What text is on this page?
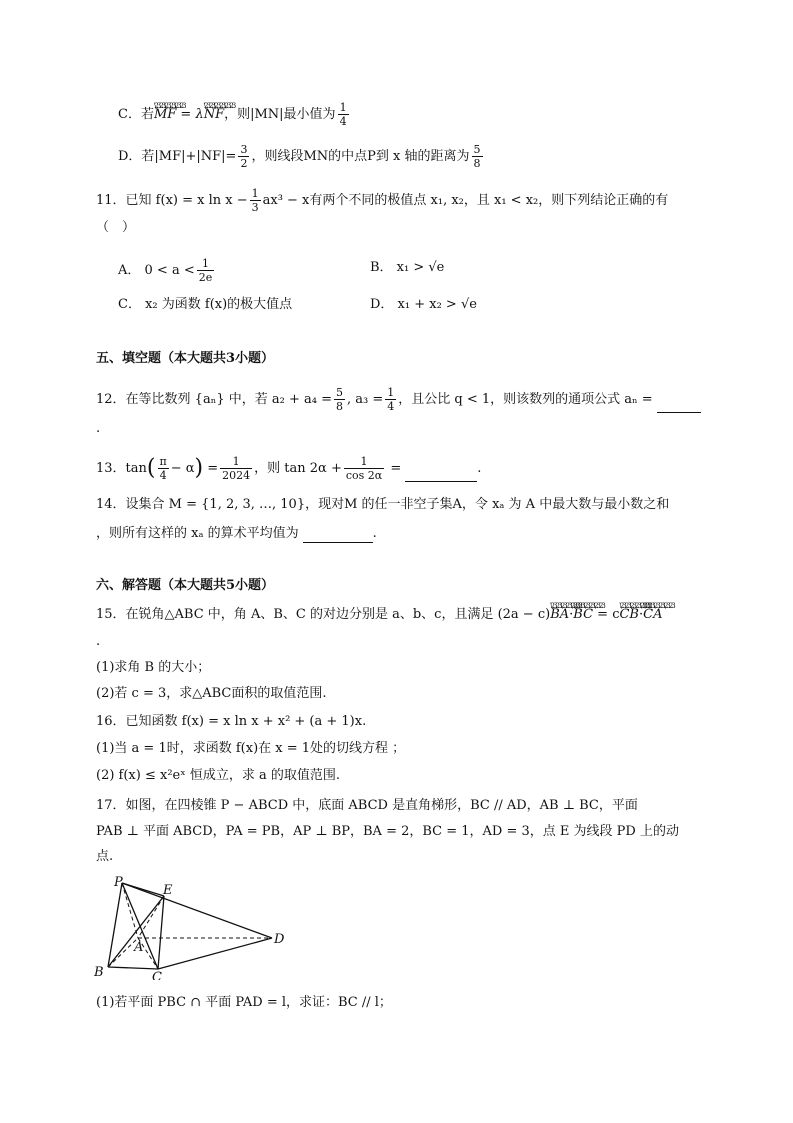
C．若⌣⌣⌣ MF = λ⌣⌣⌣ NF，则|MN|最小值为 $\frac{1}{4}$
D．若$|MF|+|NF|= \frac{3}{2}$ ，则线段MN的中点P到 x 轴的距离为 $\frac{5}{8}$
11．已知 f(x) = x $\ln x - \frac{1}{3} ax^3 - x$有两个不同的极值点 x₁, x₂，且 x₁ < x₂，则下列结论正确的有
（　）
A． $0 < a < \frac{1}{2e}$	B． x₁ > √e
C． x₂ 为函数 f(x)的极大值点	D． x₁ + x₂ > √e
五、填空题（本大题共3小题）
12．在等比数列 {aₙ} 中，若 $a_2 + a_4 = \frac{5}{8}$ , $a_3 = \frac{1}{4}$ ，且公比 q < 1，则该数列的通项公式 aₙ =
.
13．$\tan( \frac{\pi}{4} - \alpha) = \frac{1}{2024}$ ，则 $\tan 2\alpha + \frac{1}{\cos 2\alpha}$ =	.
14．设集合 M = {1, 2, 3, …, 10}，现对M 的任一非空子集A，令 xₐ 为 A 中最大数与最小数之和
，则所有这样的 xₐ 的算术平均值为	.
六、解答题（本大题共5小题）
15．在锐角△ABC 中，角 A、B、C 的对边分别是 a、b、c，且满足 (2a − c)⌣⌣⌣ BA·⌣⌣⌣ BC = c⌣⌣⌣ CB·⌣⌣⌣ CA
.
(1)求角 B 的大小；
(2)若 c = 3，求△ABC面积的取值范围.
16．已知函数 f(x) = x ln x + x² + (a + 1)x.
(1)当 a = 1时，求函数 f(x)在 x = 1处的切线方程 ；
(2) f(x) ≤ x²eˣ 恒成立，求 a 的取值范围.
17．如图，在四棱锥 P − ABCD 中，底面 ABCD 是直角梯形，BC // AD，AB ⊥ BC，平面
PAB ⊥ 平面 ABCD，PA = PB，AP ⊥ BP，BA = 2，BC = 1，AD = 3，点 E 为线段 PD 上的动
点.
P
E
A
B	C
D
(1)若平面 PBC ∩ 平面 PAD = l，求证：BC // l；
